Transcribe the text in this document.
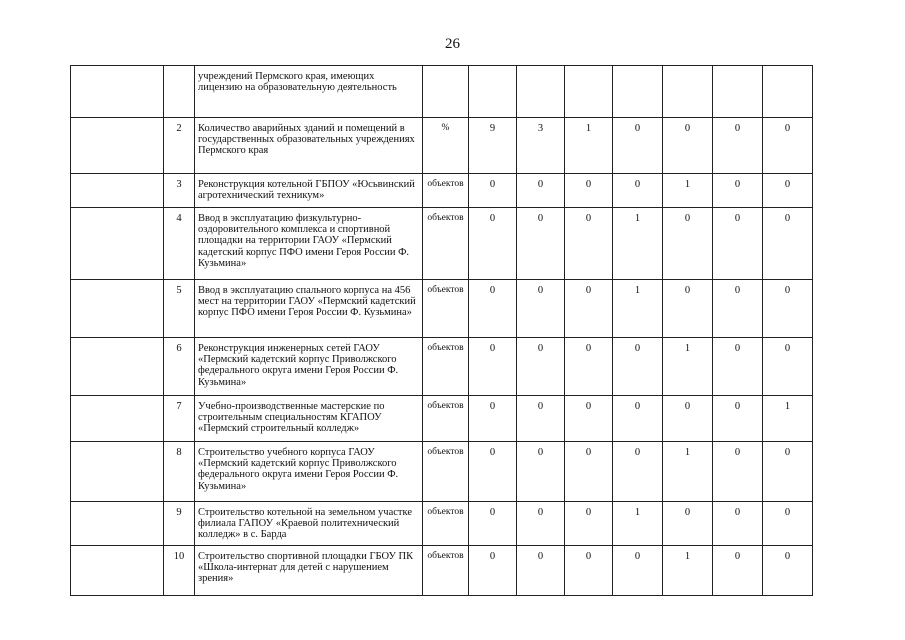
26
		учреждений Пермского края, имеющих лицензию на образовательную деятельность								
	2	Количество аварийных зданий и помещений в государственных образовательных учреждениях Пермского края	%	9	3	1	0	0	0	0
	3	Реконструкция котельной ГБПОУ «Юсьвинский агротехнический техникум»	объектов	0	0	0	0	1	0	0
	4	Ввод в эксплуатацию физкультурно-оздоровительного комплекса и спортивной площадки на территории ГАОУ «Пермский кадетский корпус ПФО имени Героя России Ф. Кузьмина»	объектов	0	0	0	1	0	0	0
	5	Ввод в эксплуатацию спального корпуса на 456 мест на территории ГАОУ «Пермский кадетский корпус ПФО имени Героя России Ф. Кузьмина»	объектов	0	0	0	1	0	0	0
	6	Реконструкция инженерных сетей ГАОУ «Пермский кадетский корпус Приволжского федерального округа имени Героя России Ф. Кузьмина»	объектов	0	0	0	0	1	0	0
	7	Учебно-производственные мастерские по строительным специальностям КГАПОУ «Пермский строительный колледж»	объектов	0	0	0	0	0	0	1
	8	Строительство учебного корпуса ГАОУ «Пермский кадетский корпус Приволжского федерального округа имени Героя России Ф. Кузьмина»	объектов	0	0	0	0	1	0	0
	9	Строительство котельной на земельном участке филиала ГАПОУ «Краевой политехнический колледж» в с. Барда	объектов	0	0	0	1	0	0	0
	10	Строительство спортивной площадки ГБОУ ПК «Школа-интернат для детей с нарушением зрения»	объектов	0	0	0	0	1	0	0
